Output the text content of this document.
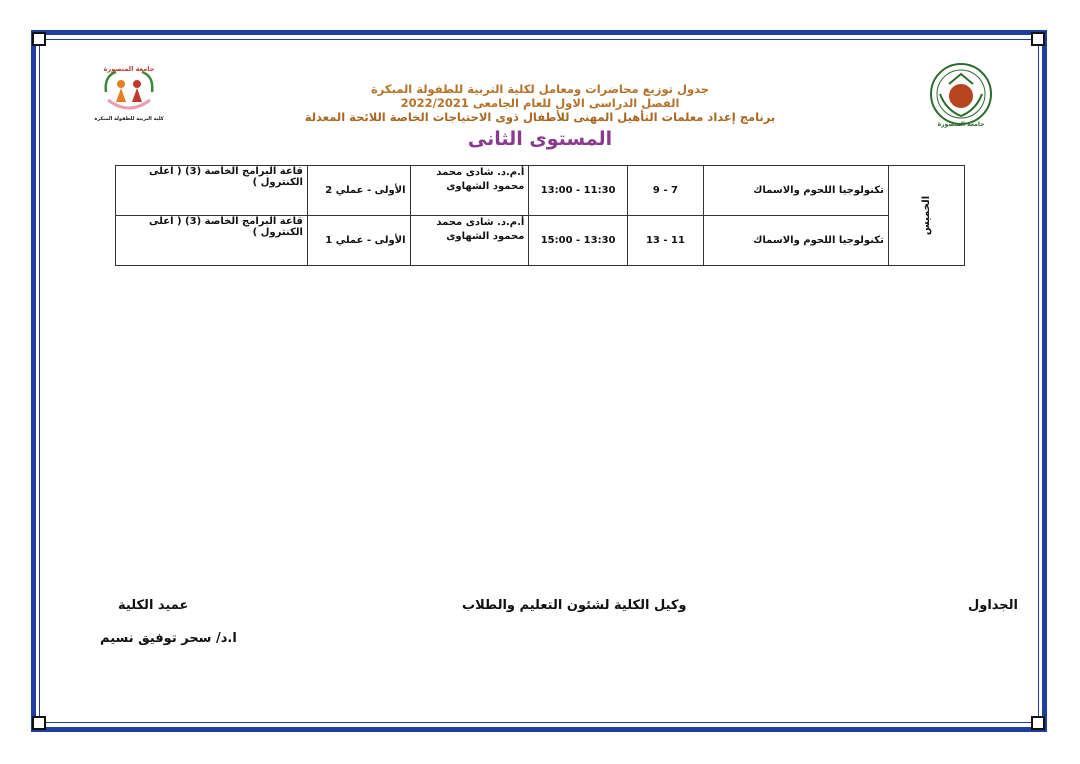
جامعة المنصورة
كلية التربية للطفولة المبكرة
جامعة المنصورة
جدول توزيع محاضرات ومعامل لكلية التربية للطفولة المبكرة
الفصل الدراسى الاول للعام الجامعى 2022/2021
برنامج إعداد معلمات التأهيل المهنى للأطفال ذوى الاحتياجات الخاصة اللائحة المعدلة
المستوى الثانى
الخميس	تكنولوجيا اللحوم والاسماك	7 - 9	11:30 - 13:00	أ.م.د. شادى محمد محمود الشهاوى	الأولى - عملي 2	قاعة البرامج الخاصة (3) ( اعلى الكنترول )
	تكنولوجيا اللحوم والاسماك	11 - 13	13:30 - 15:00	أ.م.د. شادى محمد محمود الشهاوى	الأولى - عملي 1	قاعة البرامج الخاصة (3) ( اعلى الكنترول )
الجداول
وكيل الكلية لشئون التعليم والطلاب
عميد الكلية
ا.د/ سحر توفيق نسيم
